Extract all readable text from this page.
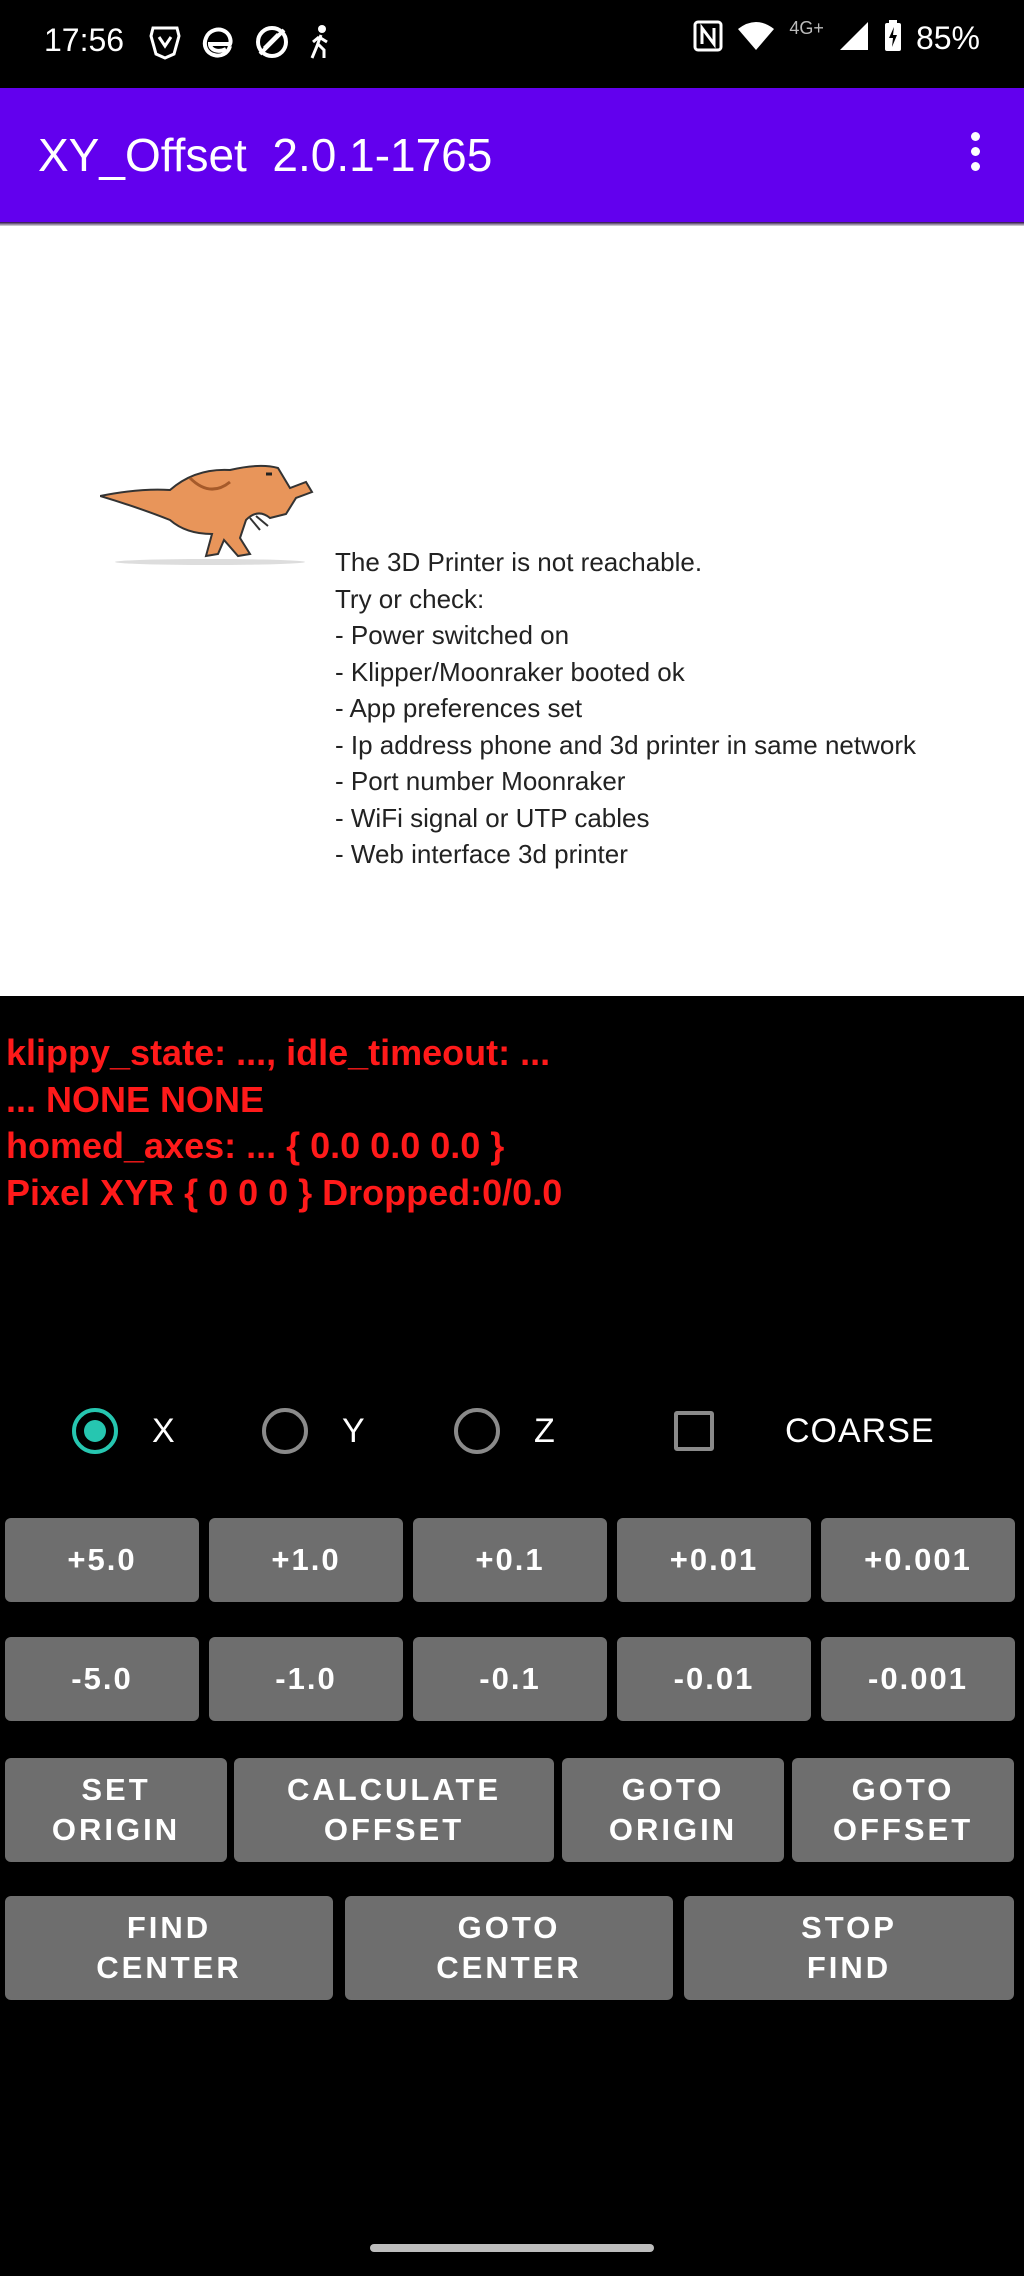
17:56	4G+	85%
XY_Offset  2.0.1-1765
The 3D Printer is not reachable.
Try or check:
- Power switched on
- Klipper/Moonraker booted ok
- App preferences set
- Ip address phone and 3d printer in same network
- Port number Moonraker
- WiFi signal or UTP cables
- Web interface 3d printer
klippy_state: ..., idle_timeout: ...
... NONE NONE
homed_axes: ... { 0.0 0.0 0.0 }
Pixel XYR { 0 0 0 } Dropped:0/0.0
X	Y	Z	COARSE
+5.0	+1.0	+0.1	+0.01	+0.001
-5.0	-1.0	-0.1	-0.01	-0.001
SET
ORIGIN
CALCULATE
OFFSET
GOTO
ORIGIN
GOTO
OFFSET
FIND
CENTER
GOTO
CENTER
STOP
FIND
